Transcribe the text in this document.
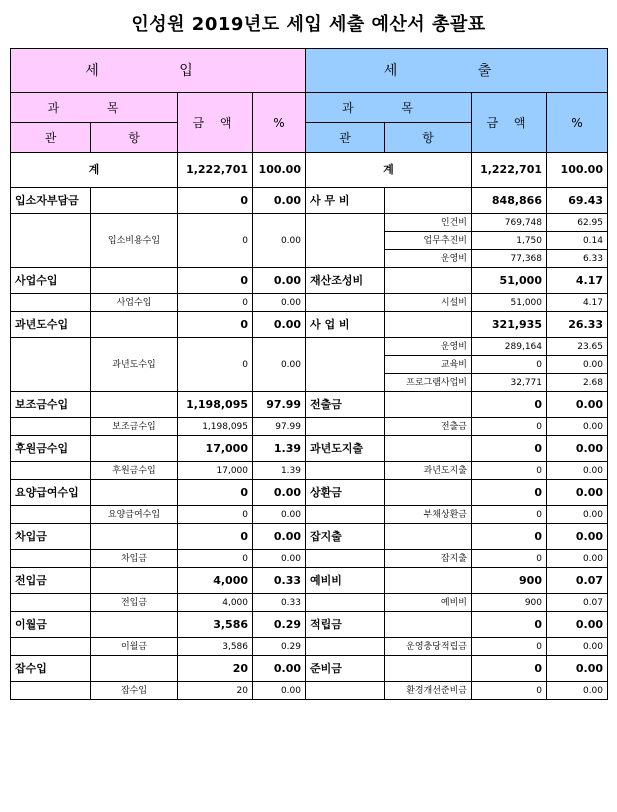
인성원 2019년도 세입 세출 예산서 총괄표
세 입				세 출			
과 목		금 액	%	과 목		금 액	%
관	항			관	항		
계		1,222,701	100.00	계		1,222,701	100.00
입소자부담금		0	0.00	사 무 비		848,866	69.43
	입소비용수입	0	0.00		인건비	769,748	62.95
					업무추진비	1,750	0.14
					운영비	77,368	6.33
사업수입		0	0.00	재산조성비		51,000	4.17
	사업수입	0	0.00		시설비	51,000	4.17
과년도수입		0	0.00	사 업 비		321,935	26.33
	과년도수입	0	0.00		운영비	289,164	23.65
					교육비	0	0.00
					프로그램사업비	32,771	2.68
보조금수입		1,198,095	97.99	전출금		0	0.00
	보조금수입	1,198,095	97.99		전출금	0	0.00
후원금수입		17,000	1.39	과년도지출		0	0.00
	후원금수입	17,000	1.39		과년도지출	0	0.00
요양급여수입		0	0.00	상환금		0	0.00
	요양급여수입	0	0.00		부채상환금	0	0.00
차입금		0	0.00	잡지출		0	0.00
	차입금	0	0.00		잡지출	0	0.00
전입금		4,000	0.33	예비비		900	0.07
	전입금	4,000	0.33		예비비	900	0.07
이월금		3,586	0.29	적립금		0	0.00
	이월금	3,586	0.29		운영충당적립금	0	0.00
잡수입		20	0.00	준비금		0	0.00
	잡수입	20	0.00		환경개선준비금	0	0.00
